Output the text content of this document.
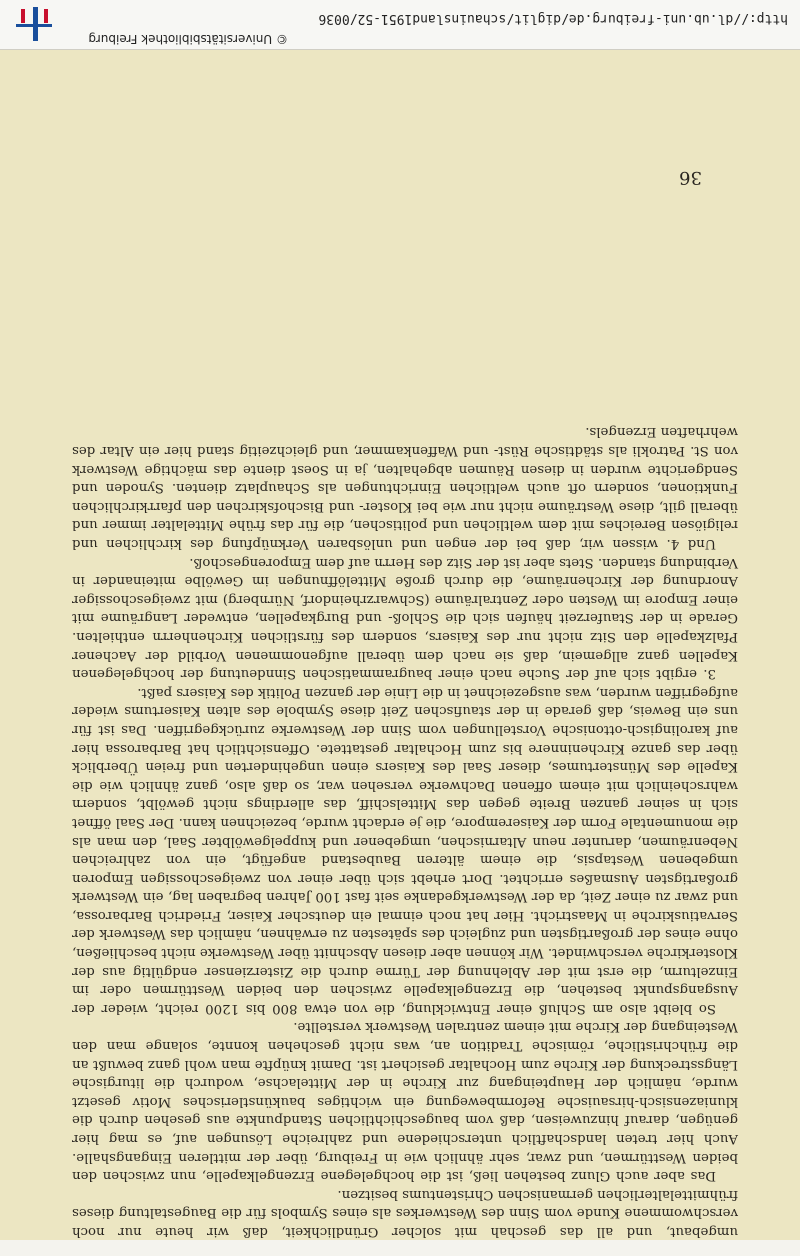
umgebaut, und all das geschah mit solcher Gründlichkeit, daß wir heute nur noch verschwommene Kunde vom Sinn des Westwerkes als eines Symbols für die Baugestaltung dieses frühmittelalterlichen germanischen Christentums besitzen.

Das aber auch Glunz bestehen ließ, ist die hochgelegene Erzengelkapelle, nun zwischen den beiden Westtürmen, und zwar, sehr ähnlich wie in Freiburg, über der mittleren Eingangshalle. Auch hier treten landschaftlich unterschiedene und zahlreiche Lösungen auf, es mag hier genügen, darauf hinzuweisen, daß vom baugeschichtlichen Standpunkte aus gesehen durch die kluniazensisch-hirsauische Reformbewegung ein wichtiges baukünstlerisches Motiv gesetzt wurde, nämlich der Haupteingang zur Kirche in der Mittelachse, wodurch die liturgische Längsstreckung der Kirche zum Hochaltar gesichert ist. Damit knüpfte man wohl ganz bewußt an die frühchristliche, römische Tradition an, was nicht geschehen konnte, solange man den Westeingang der Kirche mit einem zentralen Westwerk verstellte.

So bleibt also am Schluß einer Entwicklung, die von etwa 800 bis 1200 reicht, wieder der Ausgangspunkt bestehen, die Erzengelkapelle zwischen den beiden Westtürmen oder im Einzelturm, die erst mit der Ablehnung der Türme durch die Zisterzienser endgültig aus der Klosterkirche verschwindet. Wir können aber diesen Abschnitt über Westwerke nicht beschließen, ohne eines der großartigsten und zugleich des spätesten zu erwähnen, nämlich das Westwerk der Servatiuskirche in Maastricht. Hier hat noch einmal ein deutscher Kaiser, Friedrich Barbarossa, und zwar zu einer Zeit, da der Westwerkgedanke seit fast 100 Jahren begraben lag, ein Westwerk großartigsten Ausmaßes errichtet. Dort erhebt sich über einer von zweigeschossigen Emporen umgebenen Westapsis, die einem älteren Baubestand angefügt, ein von zahlreichen Nebenräumen, darunter neun Altarnischen, umgebener und kuppelgewölbter Saal, den man als die monumentale Form der Kaiserempore, die je erdacht wurde, bezeichnen kann. Der Saal öffnet sich in seiner ganzen Breite gegen das Mittelschiff, das allerdings nicht gewölbt, sondern wahrscheinlich mit einem offenen Dachwerke versehen war, so daß also, ganz ähnlich wie die Kapelle des Münstertumes, dieser Saal des Kaisers einen ungehinderten und freien Überblick über das ganze Kircheninnere bis zum Hochaltar gestattete. Offensichtlich hat Barbarossa hier auf karolingisch-ottonische Vorstellungen vom Sinn der Westwerke zurückgegriffen. Das ist für uns ein Beweis, daß gerade in der staufischen Zeit diese Symbole des alten Kaisertums wieder aufgegriffen wurden, was ausgezeichnet in die Linie der ganzen Politik des Kaisers paßt.

3. ergibt sich auf der Suche nach einer baugrammatischen Sinndeutung der hochgelegenen Kapellen ganz allgemein, daß sie nach dem überall aufgenommenen Vorbild der Aachener Pfalzkapelle den Sitz nicht nur des Kaisers, sondern des fürstlichen Kirchenherrn enthielten. Gerade in der Stauferzeit häufen sich die Schloß- und Burgkapellen, entweder Langräume mit einer Empore im Westen oder Zentralräume (Schwarzrheindorf, Nürnberg) mit zweigeschossiger Anordnung der Kirchenräume, die durch große Mittelöffnungen im Gewölbe miteinander in Verbindung standen. Stets aber ist der Sitz des Herrn auf dem Emporengeschoß.

Und 4. wissen wir, daß bei der engen und unlösbaren Verknüpfung des kirchlichen und religiösen Bereiches mit dem weltlichen und politischen, die für das frühe Mittelalter immer und überall gilt, diese Westräume nicht nur wie bei Kloster- und Bischofskirchen den pfarrkirchlichen Funktionen, sondern oft auch weltlichen Einrichtungen als Schauplatz dienten. Synoden und Sendgerichte wurden in diesen Räumen abgehalten, ja in Soest diente das mächtige Westwerk von St. Patrokli als städtische Rüst- und Waffenkammer, und gleichzeitig stand hier ein Altar des wehrhaften Erzengels.

36
© Universitätsbibliothek Freiburg
http://dl.ub.uni-freiburg.de/diglit/schauinsland1951-52/0036
